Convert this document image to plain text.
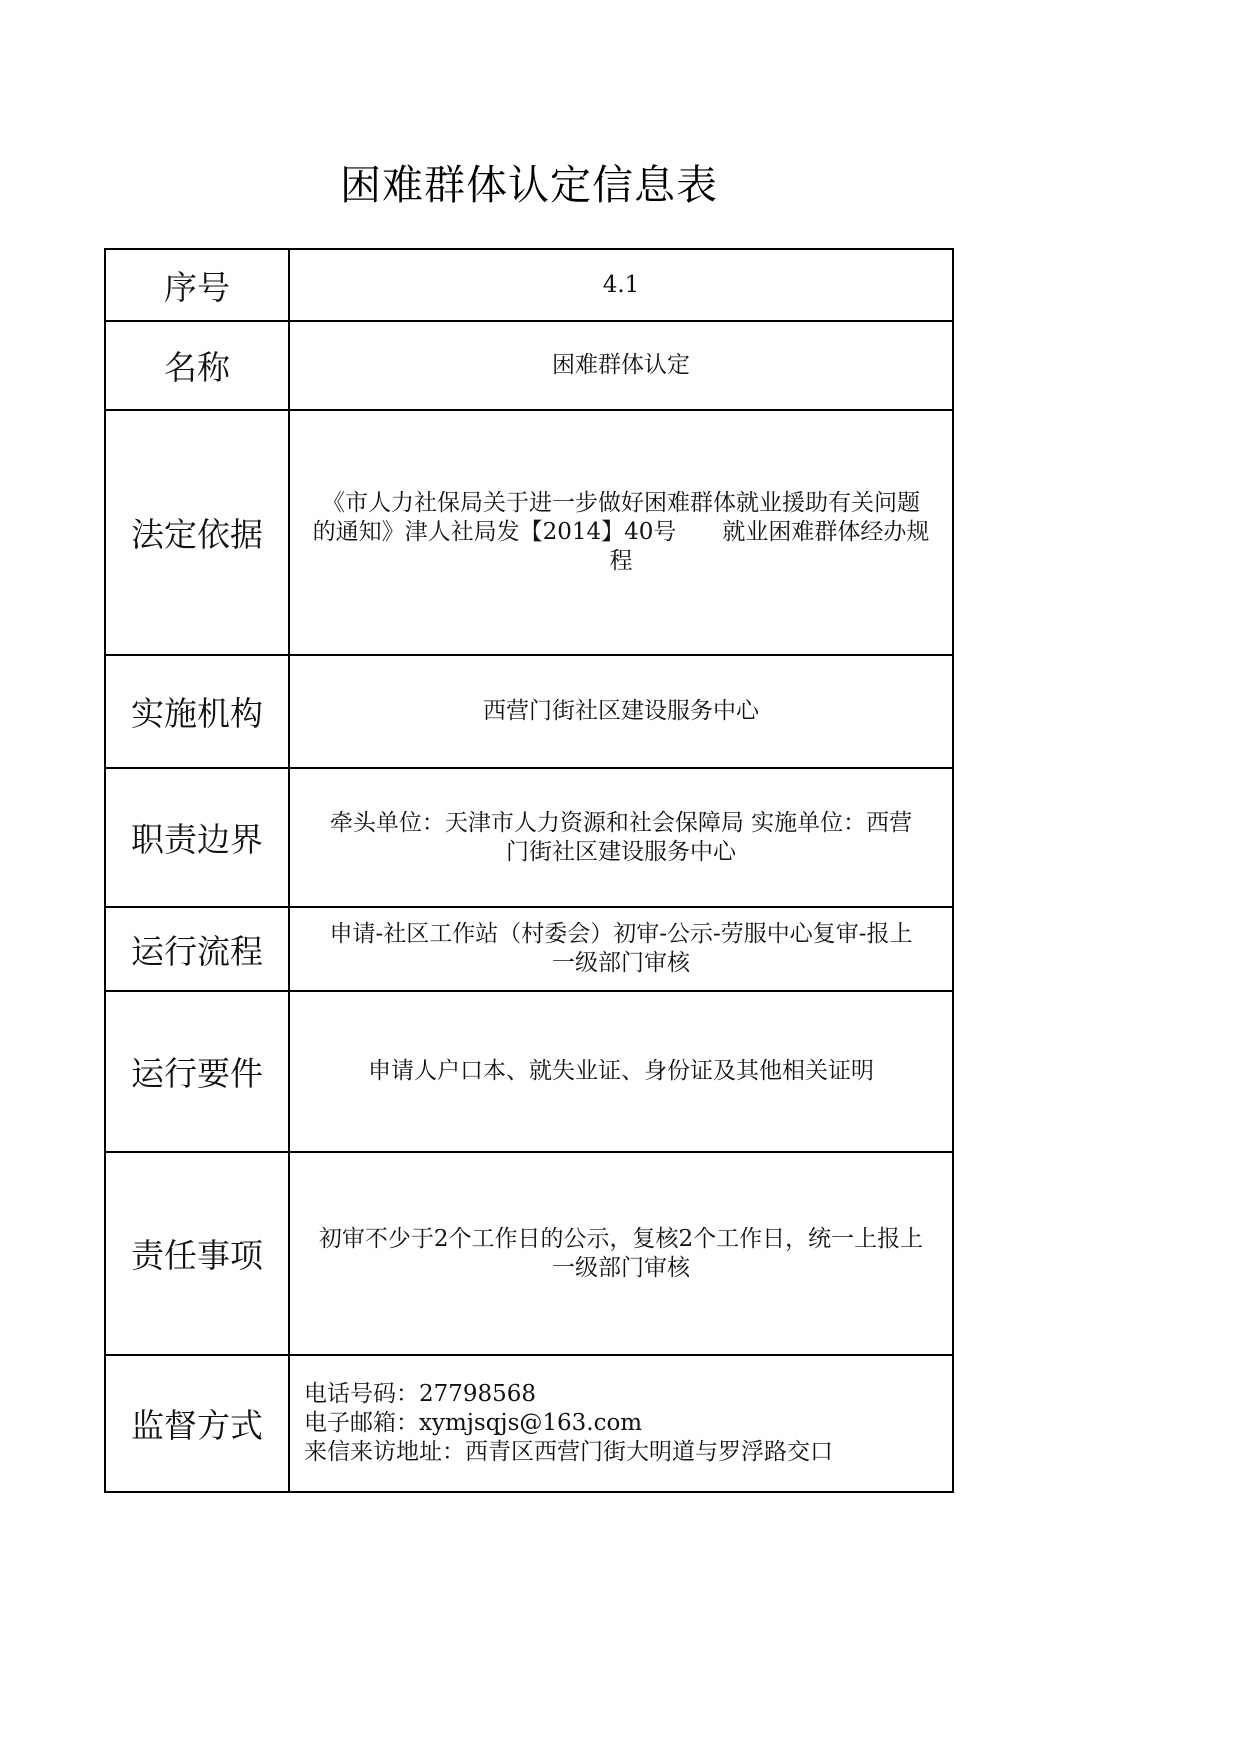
困难群体认定信息表
序号	4.1
名称	困难群体认定
法定依据	《市人力社保局关于进一步做好困难群体就业援助有关问题
的通知》津人社局发【2014】40号　　就业困难群体经办规
程

实施机构	西营门街社区建设服务中心
职责边界	牵头单位：天津市人力资源和社会保障局 实施单位：西营
门街社区建设服务中心

运行流程	申请-社区工作站（村委会）初审-公示-劳服中心复审-报上
一级部门审核

运行要件	申请人户口本、就失业证、身份证及其他相关证明
责任事项	初审不少于2个工作日的公示，复核2个工作日，统一上报上
一级部门审核

监督方式	电话号码：27798568
电子邮箱：xymjsqjs@163.com
来信来访地址：西青区西营门街大明道与罗浮路交口
